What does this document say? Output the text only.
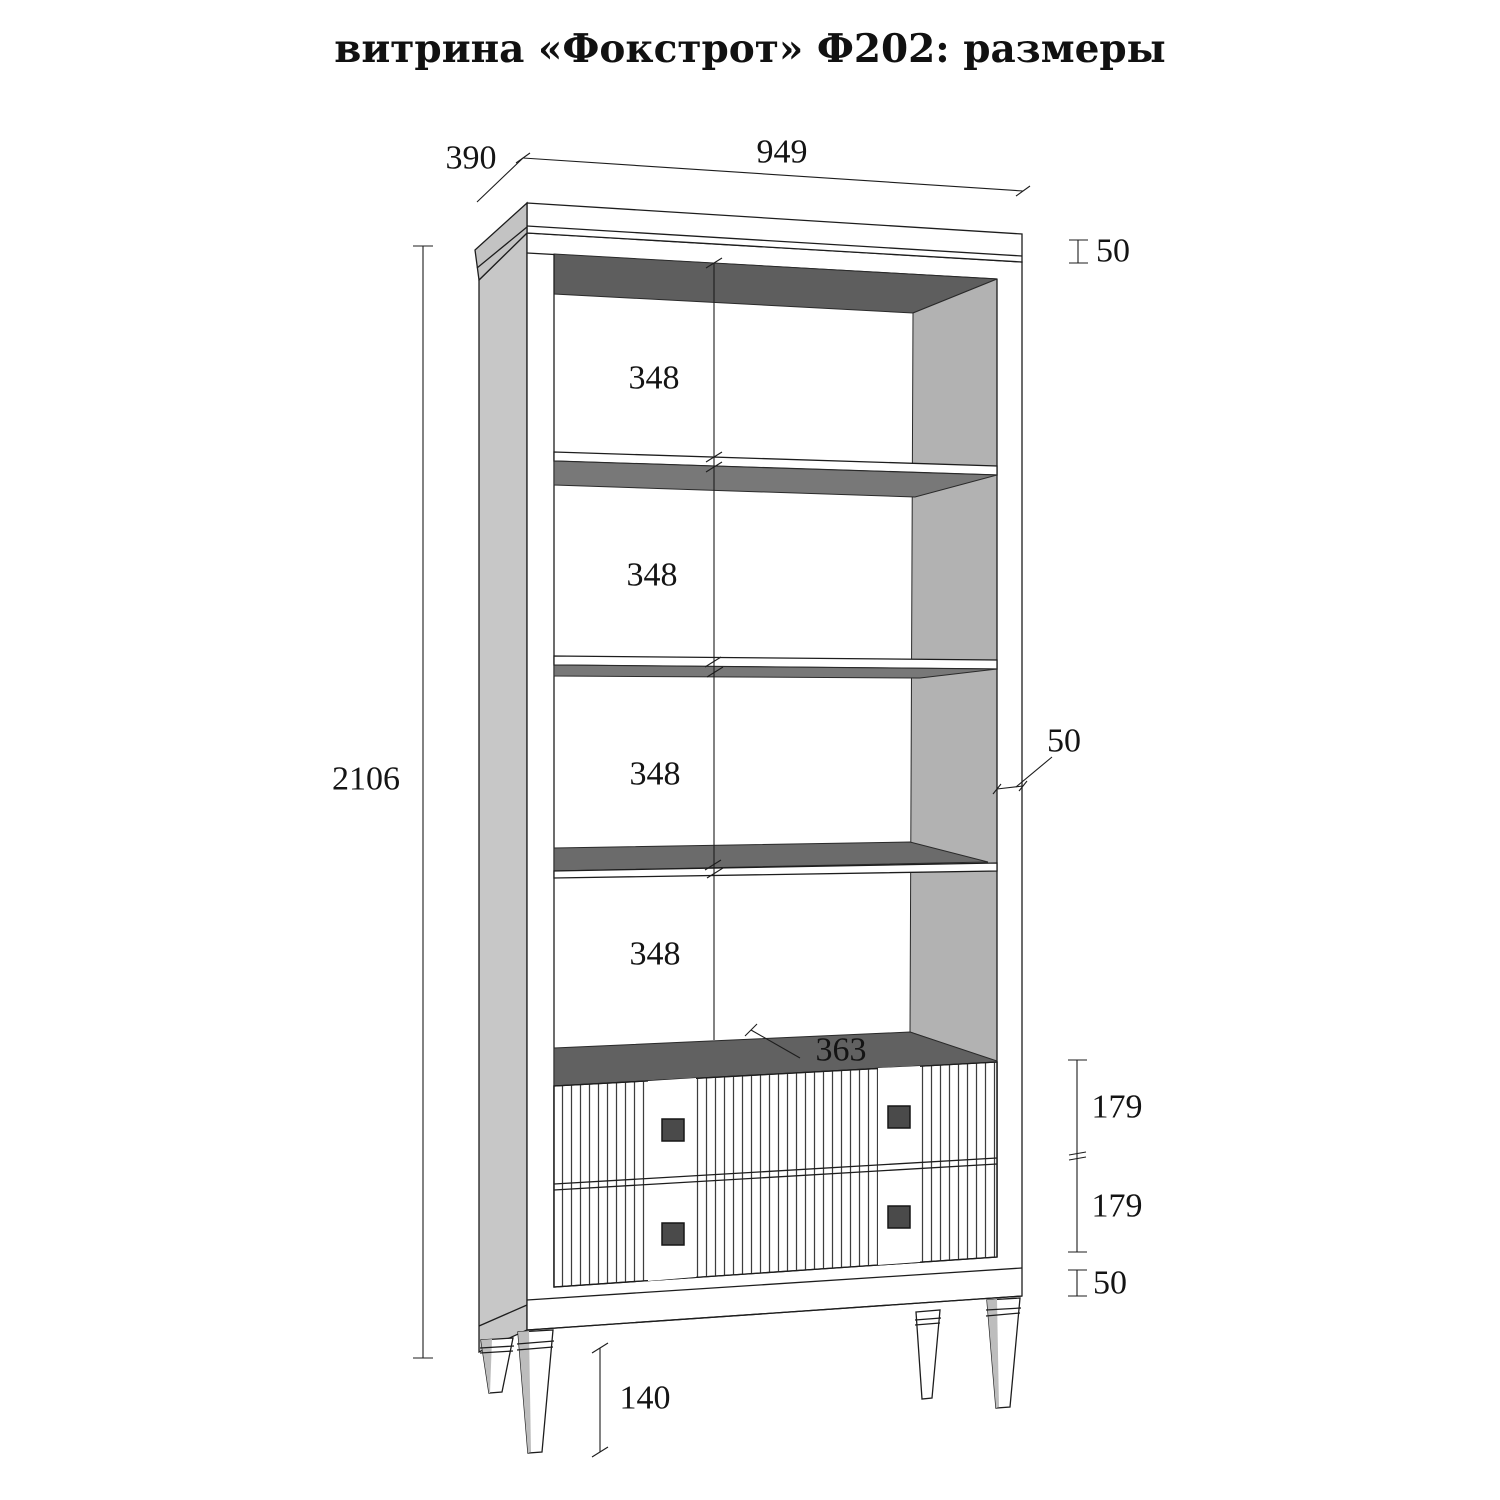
витрина «Фокстрот» Ф202: размеры
390	949
50
2106
348
348
348
348
50
363
179
179
50
140
